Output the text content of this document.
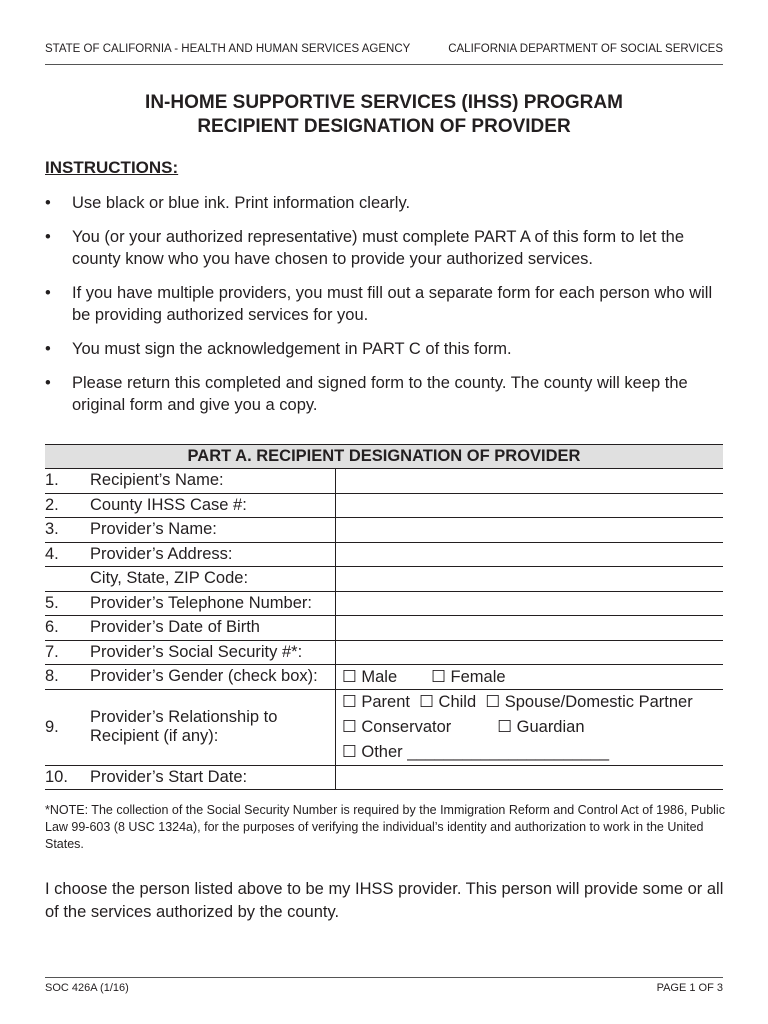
STATE OF CALIFORNIA - HEALTH AND HUMAN SERVICES AGENCY	CALIFORNIA DEPARTMENT OF SOCIAL SERVICES
IN-HOME SUPPORTIVE SERVICES (IHSS) PROGRAM
RECIPIENT DESIGNATION OF PROVIDER
INSTRUCTIONS:
•	Use black or blue ink. Print information clearly.
•	You (or your authorized representative) must complete PART A of this form to let the county know who you have chosen to provide your authorized services.
•	If you have multiple providers, you must fill out a separate form for each person who will be providing authorized services for you.
•	You must sign the acknowledgement in PART C of this form.
•	Please return this completed and signed form to the county. The county will keep the original form and give you a copy.
PART A. RECIPIENT DESIGNATION OF PROVIDER		
1.	Recipient’s Name:	
2.	County IHSS Case #:	
3.	Provider’s Name:	
4.	Provider’s Address:	
	City, State, ZIP Code:	
5.	Provider’s Telephone Number:	
6.	Provider’s Date of Birth	
7.	Provider’s Social Security #*:	
8.	Provider’s Gender (check box):	☐ Male ☐ Female
9.	Provider’s Relationship to Recipient (if any):	☐ Parent ☐ Child ☐ Spouse/Domestic Partner
☐ Conservator ☐ Guardian
☐ Other ______________________

10.	Provider’s Start Date:	
*NOTE: The collection of the Social Security Number is required by the Immigration Reform and Control Act of 1986, Public Law 99-603 (8 USC 1324a), for the purposes of verifying the individual’s identity and authorization to work in the United States.
I choose the person listed above to be my IHSS provider. This person will provide some or all of the services authorized by the county.
SOC 426A (1/16)	PAGE 1 OF 3
